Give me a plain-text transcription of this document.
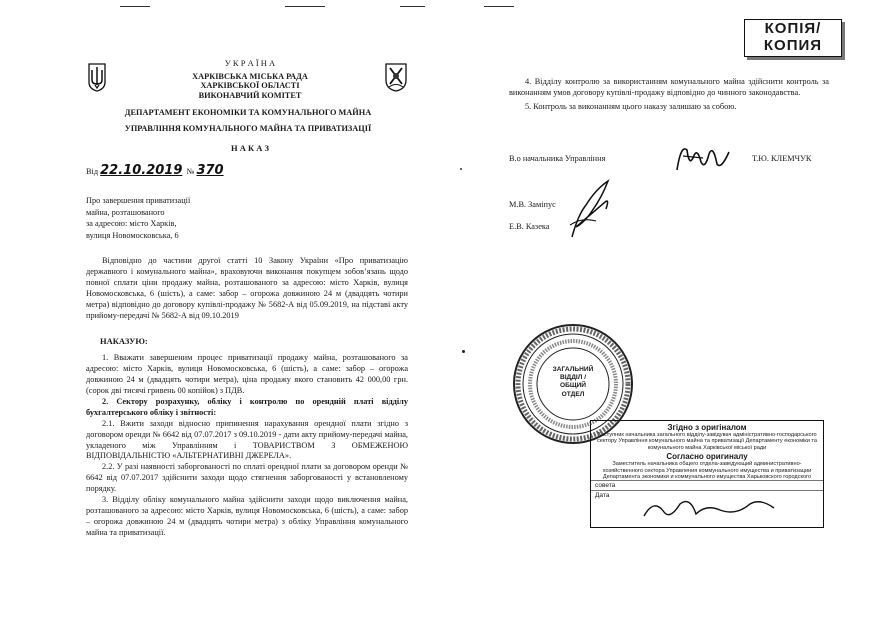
У К Р А Ї Н А
ХАРКІВСЬКА МІСЬКА РАДА
ХАРКІВСЬКОЇ ОБЛАСТІ
ВИКОНАВЧИЙ КОМІТЕТ
ДЕПАРТАМЕНТ ЕКОНОМІКИ ТА КОМУНАЛЬНОГО МАЙНА
УПРАВЛІННЯ КОМУНАЛЬНОГО МАЙНА ТА ПРИВАТИЗАЦІЇ
Н А К А З
Від 22.10.2019 № 370
Про завершення приватизації
майна, розташованого
за адресою: місто Харків,
вулиця Новомосковська, 6
Відповідно до частини другої статті 10 Закону України «Про приватизацію державного і комунального майна», враховуючи виконання покупцем зобов’язань щодо повної сплати ціни продажу майна, розташованого за адресою: місто Харків, вулиця Новомосковська, 6 (шість), а саме: забор – огорожа довжиною 24 м (двадцять чотири метра) відповідно до договору купівлі-продажу № 5682-А від 05.09.2019, на підставі акту прийому-передачі № 5682-А від 09.10.2019
НАКАЗУЮ:
1. Вважати завершеним процес приватизації продажу майна, розташованого за адресою: місто Харків, вулиця Новомосковська, 6 (шість), а саме: забор – огорожа довжиною 24 м (двадцять чотири метра), ціна продажу якого становить 42 000,00 грн. (сорок дві тисячі гривень 00 копійок) з ПДВ.
2. Сектору розрахунку, обліку і контролю по орендній платі відділу бухгалтерського обліку і звітності:
2.1. Вжити заходи відносно припинення нарахування орендної плати згідно з договором оренди № 6642 від 07.07.2017 з 09.10.2019 - дати акту прийому-передачі майна, укладеного між Управлінням і ТОВАРИСТВОМ З ОБМЕЖЕНОЮ ВІДПОВІДАЛЬНІСТЮ «АЛЬТЕРНАТИВНІ ДЖЕРЕЛА».
2.2. У разі наявності заборгованості по сплаті орендної плати за договором оренди № 6642 від 07.07.2017 здійснити заходи щодо стягнення заборгованості у встановленому порядку.
3. Відділу обліку комунального майна здійснити заходи щодо виключення майна, розташованого за адресою: місто Харків, вулиця Новомосковська, 6 (шість), а саме: забор – огорожа довжиною 24 м (двадцять чотири метра) з обліку Управління комунального майна та приватизації.
КОПІЯ/
КОПИЯ
4. Відділу контролю за використанням комунального майна здійснити контроль за виконанням умов договору купівлі-продажу відповідно до чинного законодавства.
5. Контроль за виконанням цього наказу залишаю за собою.
В.о начальника Управління	Т.Ю. КЛЕМЧУК
М.В. Заміпус
Е.В. Казека
ЗАГАЛЬНИЙ ВІДДІЛ / ОБЩИЙ ОТДЕЛ
Згідно з оригіналом
Заступник начальника загального відділу-завідувач адміністративно-господарського сектору Управління комунального майна та приватизації Департаменту економіки та комунального майна Харківської міської ради
Согласно оригиналу
Заместитель начальника общего отдела-заведующий административно-хозяйственного сектора Управления коммунального имущества и приватизации Департамента экономики и коммунального имущества Харьковского городского
совета
Дата
